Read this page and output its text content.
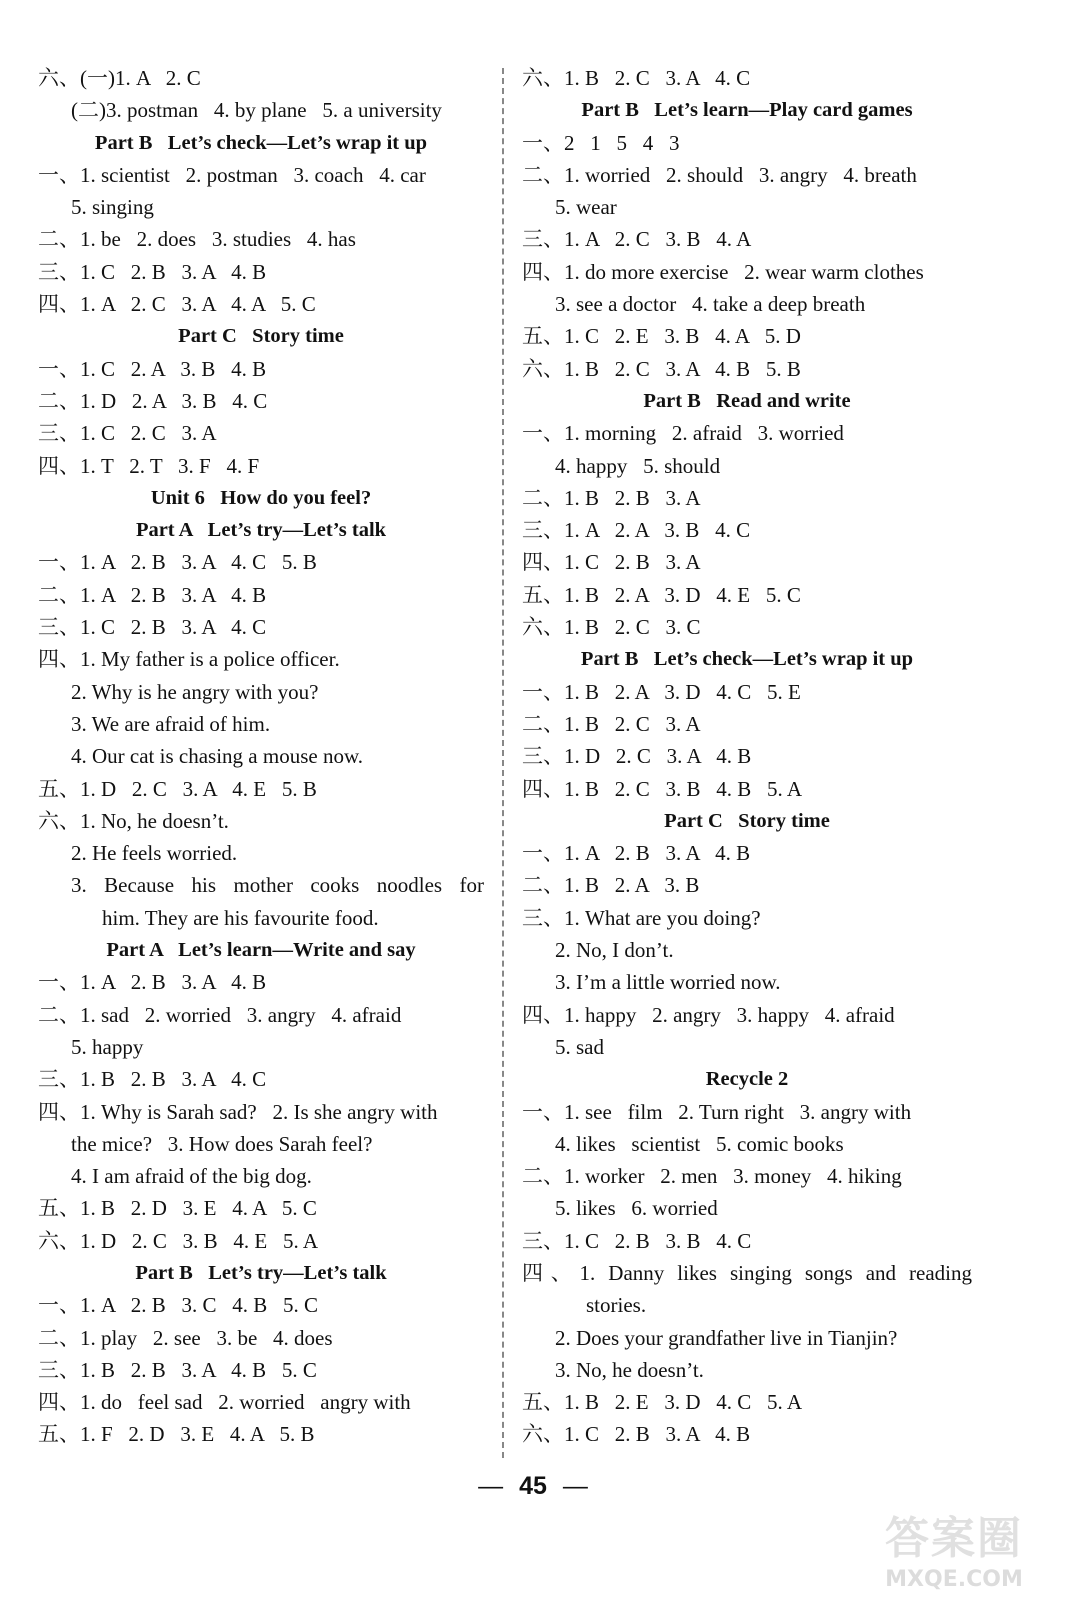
六、(一)1. A   2. C
(二)3. postman   4. by plane   5. a university
Part B   Let’s check—Let’s wrap it up
一、1. scientist   2. postman   3. coach   4. car
5. singing
二、1. be   2. does   3. studies   4. has
三、1. C   2. B   3. A   4. B
四、1. A   2. C   3. A   4. A   5. C
Part C   Story time
一、1. C   2. A   3. B   4. B
二、1. D   2. A   3. B   4. C
三、1. C   2. C   3. A
四、1. T   2. T   3. F   4. F
Unit 6   How do you feel?
Part A   Let’s try—Let’s talk
一、1. A   2. B   3. A   4. C   5. B
二、1. A   2. B   3. A   4. B
三、1. C   2. B   3. A   4. C
四、1. My father is a police officer.
2. Why is he angry with you?
3. We are afraid of him.
4. Our cat is chasing a mouse now.
五、1. D   2. C   3. A   4. E   5. B
六、1. No, he doesn’t.
2. He feels worried.
3. Because his mother cooks noodles for
him. They are his favourite food.
Part A   Let’s learn—Write and say
一、1. A   2. B   3. A   4. B
二、1. sad   2. worried   3. angry   4. afraid
5. happy
三、1. B   2. B   3. A   4. C
四、1. Why is Sarah sad?   2. Is she angry with
the mice?   3. How does Sarah feel?
4. I am afraid of the big dog.
五、1. B   2. D   3. E   4. A   5. C
六、1. D   2. C   3. B   4. E   5. A
Part B   Let’s try—Let’s talk
一、1. A   2. B   3. C   4. B   5. C
二、1. play   2. see   3. be   4. does
三、1. B   2. B   3. A   4. B   5. C
四、1. do   feel sad   2. worried   angry with
五、1. F   2. D   3. E   4. A   5. B
六、1. B   2. C   3. A   4. C
Part B   Let’s learn—Play card games
一、2   1   5   4   3
二、1. worried   2. should   3. angry   4. breath
5. wear
三、1. A   2. C   3. B   4. A
四、1. do more exercise   2. wear warm clothes
3. see a doctor   4. take a deep breath
五、1. C   2. E   3. B   4. A   5. D
六、1. B   2. C   3. A   4. B   5. B
Part B   Read and write
一、1. morning   2. afraid   3. worried
4. happy   5. should
二、1. B   2. B   3. A
三、1. A   2. A   3. B   4. C
四、1. C   2. B   3. A
五、1. B   2. A   3. D   4. E   5. C
六、1. B   2. C   3. C
Part B   Let’s check—Let’s wrap it up
一、1. B   2. A   3. D   4. C   5. E
二、1. B   2. C   3. A
三、1. D   2. C   3. A   4. B
四、1. B   2. C   3. B   4. B   5. A
Part C   Story time
一、1. A   2. B   3. A   4. B
二、1. B   2. A   3. B
三、1. What are you doing?
2. No, I don’t.
3. I’m a little worried now.
四、1. happy   2. angry   3. happy   4. afraid
5. sad
Recycle 2
一、1. see   film   2. Turn right   3. angry with
4. likes   scientist   5. comic books
二、1. worker   2. men   3. money   4. hiking
5. likes   6. worried
三、1. C   2. B   3. B   4. C
四、1. Danny likes singing songs and reading
stories.
2. Does your grandfather live in Tianjin?
3. No, he doesn’t.
五、1. B   2. E   3. D   4. C   5. A
六、1. C   2. B   3. A   4. B
— 45 —
答案圈
MXQE.COM
